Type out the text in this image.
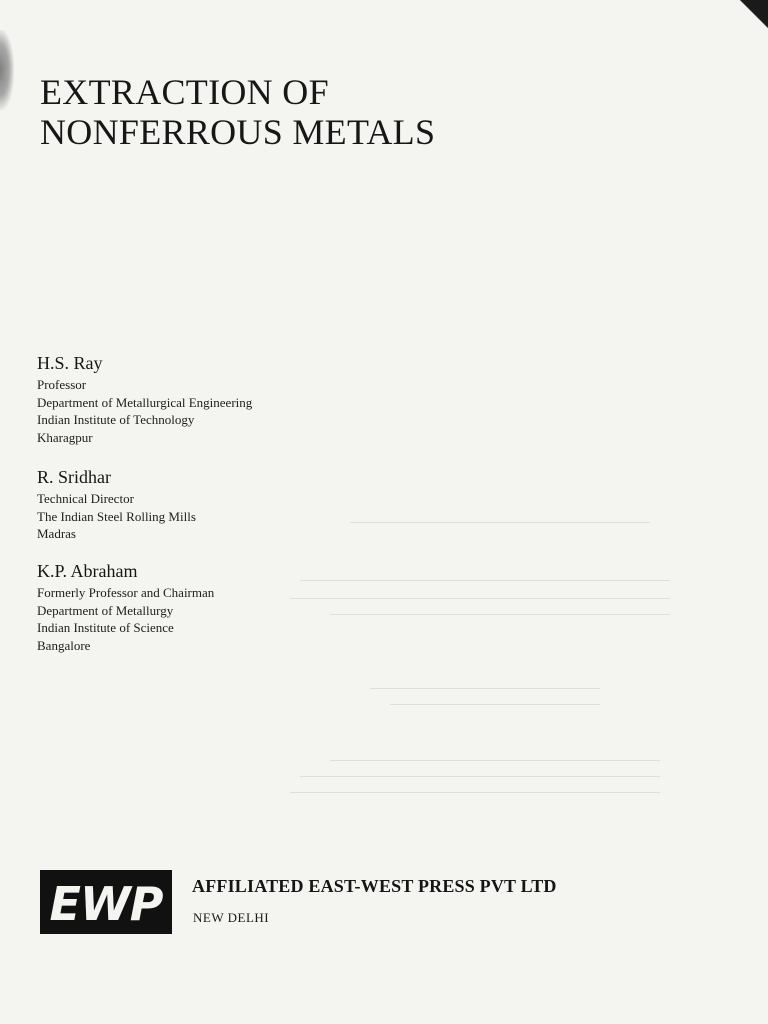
EXTRACTION OF
NONFERROUS METALS

H.S. Ray

Professor

Department of Metallurgical Engineering

Indian Institute of Technology

Kharagpur

R. Sridhar

Technical Director

The Indian Steel Rolling Mills

Madras

K.P. Abraham

Formerly Professor and Chairman

Department of Metallurgy

Indian Institute of Science

Bangalore

EWP AFFILIATED EAST-WEST PRESS PVT LTD

NEW DELHI
